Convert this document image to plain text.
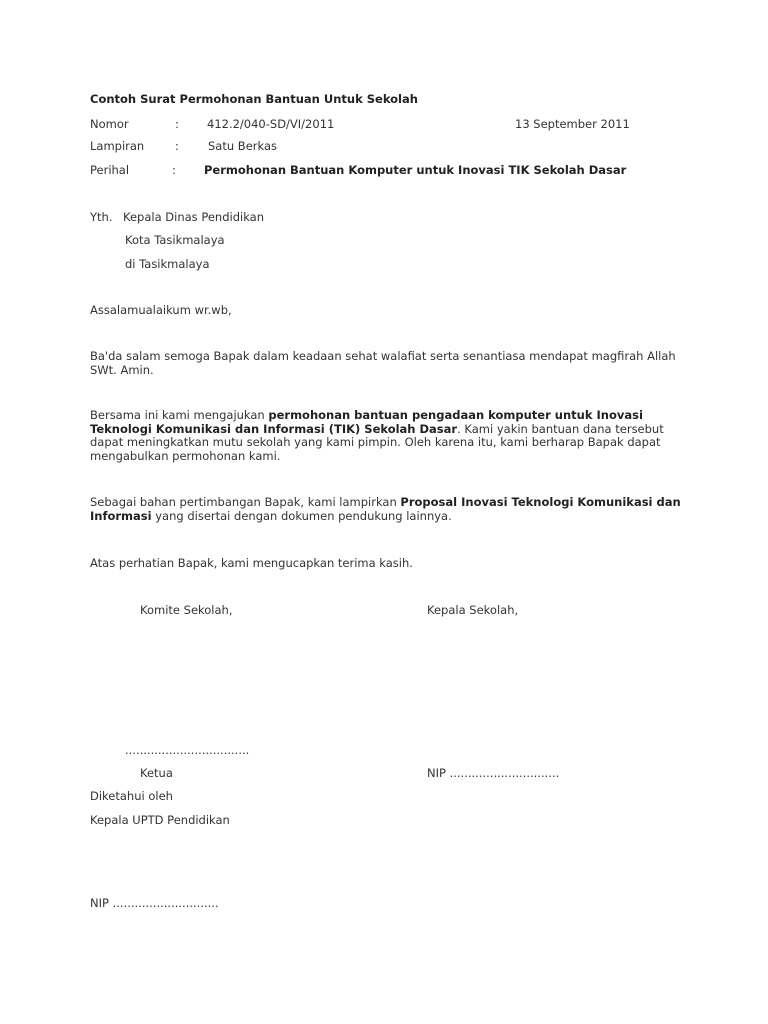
Contoh Surat Permohonan Bantuan Untuk Sekolah
Nomor	: 412.2/040-SD/VI/2011	13 September 2011
Lampiran	:	Satu Berkas
Perihal	: Permohonan Bantuan Komputer untuk Inovasi TIK Sekolah Dasar
Yth. Kepala Dinas Pendidikan
Kota Tasikmalaya
di Tasikmalaya
Assalamualaikum wr.wb,
Ba'da salam semoga Bapak dalam keadaan sehat walafiat serta senantiasa mendapat magfirah Allah SWt. Amin.
Bersama ini kami mengajukan permohonan bantuan pengadaan komputer untuk Inovasi Teknologi Komunikasi dan Informasi (TIK) Sekolah Dasar. Kami yakin bantuan dana tersebut dapat meningkatkan mutu sekolah yang kami pimpin. Oleh karena itu, kami berharap Bapak dapat mengabulkan permohonan kami.
Sebagai bahan pertimbangan Bapak, kami lampirkan Proposal Inovasi Teknologi Komunikasi dan Informasi yang disertai dengan dokumen pendukung lainnya.
Atas perhatian Bapak, kami mengucapkan terima kasih.
Komite Sekolah,	Kepala Sekolah,
..................................
Ketua	NIP ..............................
Diketahui oleh
Kepala UPTD Pendidikan
NIP .............................
